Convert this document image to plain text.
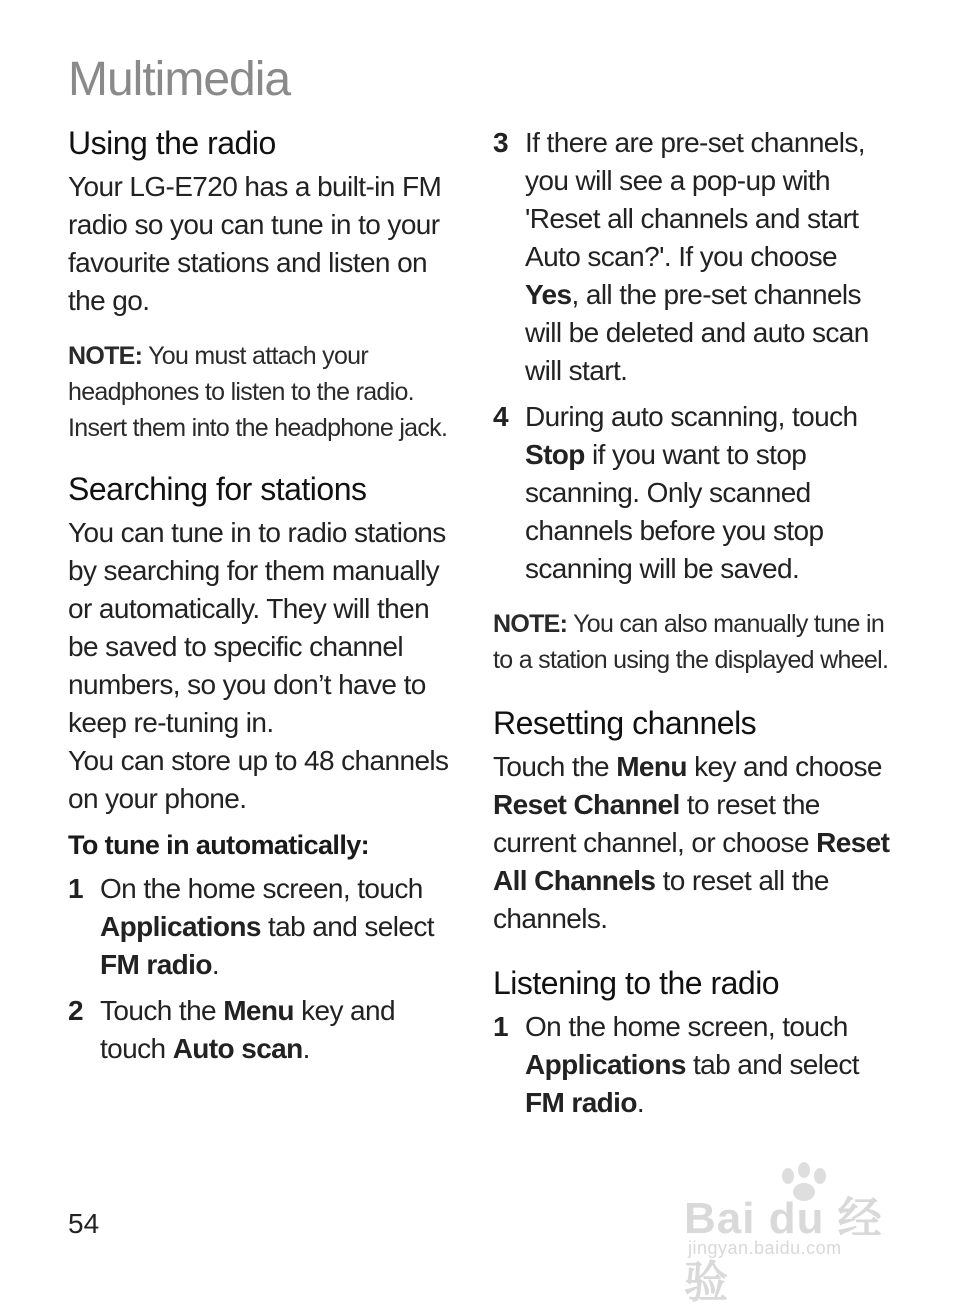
Multimedia
Using the radio

Your LG-E720 has a built-in FM radio so you can tune in to your favourite stations and listen on the go.

NOTE: You must attach your headphones to listen to the radio. Insert them into the headphone jack.

Searching for stations

You can tune in to radio stations by searching for them manually or automatically. They will then be saved to specific channel numbers, so you don’t have to keep re-tuning in.

You can store up to 48 channels on your phone.

To tune in automatically:

1 On the home screen, touch Applications tab and select FM radio.
2 Touch the Menu key and touch Auto scan.
3 If there are pre-set channels, you will see a pop-up with 'Reset all channels and start Auto scan?'. If you choose Yes, all the pre-set channels will be deleted and auto scan will start.
4 During auto scanning, touch Stop if you want to stop scanning. Only scanned channels before you stop scanning will be saved.

NOTE: You can also manually tune in to a station using the displayed wheel.

Resetting channels

Touch the Menu key and choose Reset Channel to reset the current channel, or choose Reset All Channels to reset all the channels.

Listening to the radio
1 On the home screen, touch Applications tab and select FM radio.
54	Bai du 经验
jingyan.baidu.com
